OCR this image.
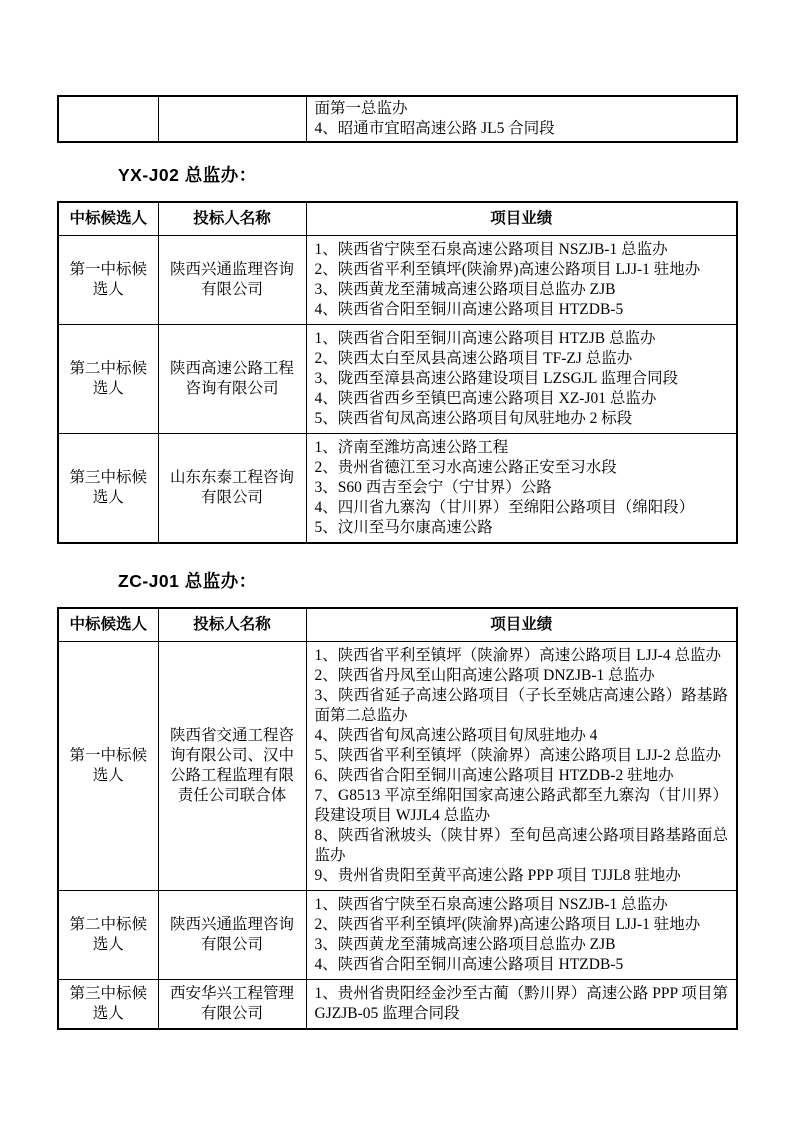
面第一总监办
4、昭通市宜昭高速公路 JL5 合同段
YX-J02 总监办：
中标候选人	投标人名称	项目业绩
第一中标候选人	陕西兴通监理咨询有限公司	1、陕西省宁陕至石泉高速公路项目 NSZJB-1 总监办
2、陕西省平利至镇坪(陕渝界)高速公路项目 LJJ-1 驻地办
3、陕西黄龙至蒲城高速公路项目总监办 ZJB
4、陕西省合阳至铜川高速公路项目 HTZDB-5

第二中标候选人	陕西高速公路工程咨询有限公司	1、陕西省合阳至铜川高速公路项目 HTZJB 总监办
2、陕西太白至凤县高速公路项目 TF-ZJ 总监办
3、陇西至漳县高速公路建设项目 LZSGJL 监理合同段
4、陕西省西乡至镇巴高速公路项目 XZ-J01 总监办
5、陕西省旬凤高速公路项目旬凤驻地办 2 标段

第三中标候选人	山东东泰工程咨询有限公司	1、济南至潍坊高速公路工程
2、贵州省德江至习水高速公路正安至习水段
3、S60 西吉至会宁（宁甘界）公路
4、四川省九寨沟（甘川界）至绵阳公路项目（绵阳段）
5、汶川至马尔康高速公路
ZC-J01 总监办：
中标候选人	投标人名称	项目业绩
第一中标候选人	陕西省交通工程咨询有限公司、汉中公路工程监理有限责任公司联合体	
1、陕西省平利至镇坪（陕渝界）高速公路项目 LJJ-4 总监办
2、陕西省丹凤至山阳高速公路项 DNZJB-1 总监办
3、陕西省延子高速公路项目（子长至姚店高速公路）路基路面第二总监办
4、陕西省旬凤高速公路项目旬凤驻地办 4
5、陕西省平利至镇坪（陕渝界）高速公路项目 LJJ-2 总监办
6、陕西省合阳至铜川高速公路项目 HTZDB-2 驻地办
7、G8513 平凉至绵阳国家高速公路武都至九寨沟（甘川界）段建设项目 WJJL4 总监办
8、陕西省湫坡头（陕甘界）至旬邑高速公路项目路基路面总监办
9、贵州省贵阳至黄平高速公路 PPP 项目 TJJL8 驻地办

第二中标候选人	陕西兴通监理咨询有限公司	1、陕西省宁陕至石泉高速公路项目 NSZJB-1 总监办
2、陕西省平利至镇坪(陕渝界)高速公路项目 LJJ-1 驻地办
3、陕西黄龙至蒲城高速公路项目总监办 ZJB
4、陕西省合阳至铜川高速公路项目 HTZDB-5

第三中标候选人	西安华兴工程管理有限公司	1、贵州省贵阳经金沙至古蔺（黔川界）高速公路 PPP 项目第 GJZJB-05 监理合同段
